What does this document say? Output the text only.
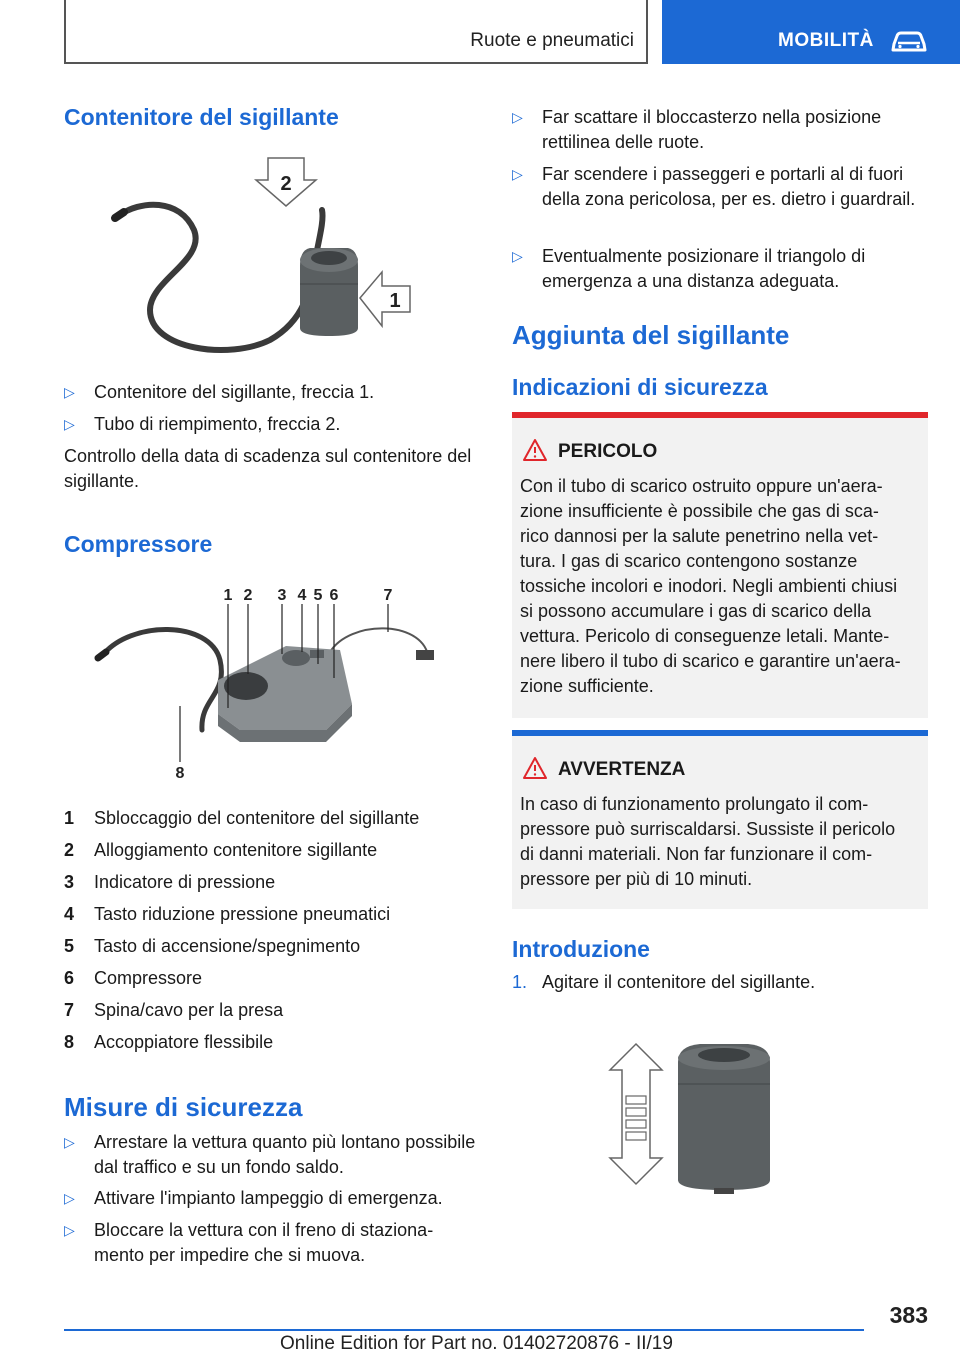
Ruote e pneumatici	MOBILITÀ
Contenitore del sigillante
2
1
▷ Contenitore del sigillante, freccia 1.
▷ Tubo di riempimento, freccia 2.
Controllo della data di scadenza sul contenitore del sigillante.
Compressore
1 2 3 4 5 6	7
8
1 Sbloccaggio del contenitore del sigillante
2 Alloggiamento contenitore sigillante
3 Indicatore di pressione
4 Tasto riduzione pressione pneumatici
5 Tasto di accensione/spegnimento
6 Compressore
7 Spina/cavo per la presa
8 Accoppiatore flessibile
Misure di sicurezza
▷ Arrestare la vettura quanto più lontano possibile dal traffico e su un fondo saldo.
▷ Attivare l'impianto lampeggio di emergenza.
▷ Bloccare la vettura con il freno di stazionamento per impedire che si muova.
▷ Far scattare il bloccasterzo nella posizione rettilinea delle ruote.
▷ Far scendere i passeggeri e portarli al di fuori della zona pericolosa, per es. dietro i guardrail.
▷ Eventualmente posizionare il triangolo di emergenza a una distanza adeguata.
Aggiunta del sigillante
Indicazioni di sicurezza
PERICOLO
Con il tubo di scarico ostruito oppure un'aera-
zione insufficiente è possibile che gas di sca-
rico dannosi per la salute penetrino nella vet-
tura. I gas di scarico contengono sostanze
tossiche incolori e inodori. Negli ambienti chiusi
si possono accumulare i gas di scarico della
vettura. Pericolo di conseguenze letali. Mante-
nere libero il tubo di scarico e garantire un'aera-
zione sufficiente.
AVVERTENZA
In caso di funzionamento prolungato il com-
pressore può surriscaldarsi. Sussiste il pericolo
di danni materiali. Non far funzionare il com-
pressore per più di 10 minuti.
Introduzione
1. Agitare il contenitore del sigillante.
383
Online Edition for Part no. 01402720876 - II/19
